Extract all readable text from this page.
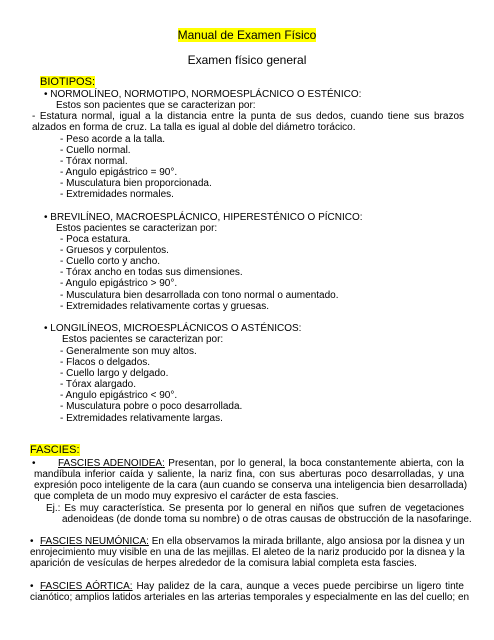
Manual de Examen Físico
Examen físico general
BIOTIPOS:
• NORMOLÍNEO, NORMOTIPO, NORMOESPLÁCNICO O ESTÉNICO:
Estos son pacientes que se caracterizan por:
- Estatura normal, igual a la distancia entre la punta de sus dedos, cuando tiene sus brazos
alzados en forma de cruz. La talla es igual al doble del diámetro torácico.
- Peso acorde a la talla.
- Cuello normal.
- Tórax normal.
- Angulo epigástrico = 90°.
- Musculatura bien proporcionada.
- Extremidades normales.
• BREVILÍNEO, MACROESPLÁCNICO, HIPERESTÉNICO O PÍCNICO:
Estos pacientes se caracterizan por:
- Poca estatura.
- Gruesos y corpulentos.
- Cuello corto y ancho.
- Tórax ancho en todas sus dimensiones.
- Angulo epigástrico > 90°.
- Musculatura bien desarrollada con tono normal o aumentado.
- Extremidades relativamente cortas y gruesas.
• LONGILÍNEOS, MICROESPLÁCNICOS O ASTÉNICOS:
Estos pacientes se caracterizan por:
- Generalmente son muy altos.
- Flacos o delgados.
- Cuello largo y delgado.
- Tórax alargado.
- Angulo epigástrico < 90°.
- Musculatura pobre o poco desarrollada.
- Extremidades relativamente largas.
FASCIES:
• FASCIES ADENOIDEA: Presentan, por lo general, la boca constantemente abierta, con la
mandíbula inferior caída y saliente, la nariz fina, con sus aberturas poco desarrolladas, y una
expresión poco inteligente de la cara (aun cuando se conserva una inteligencia bien desarrollada)
que completa de un modo muy expresivo el carácter de esta fascies.
Ej.: Es muy característica. Se presenta por lo general en niños que sufren de vegetaciones
adenoideas (de donde toma su nombre) o de otras causas de obstrucción de la nasofaringe.
• FASCIES NEUMÓNICA: En ella observamos la mirada brillante, algo ansiosa por la disnea y un
enrojecimiento muy visible en una de las mejillas. El aleteo de la nariz producido por la disnea y la
aparición de vesículas de herpes alrededor de la comisura labial completa esta fascies.
• FASCIES AÓRTICA: Hay palidez de la cara, aunque a veces puede percibirse un ligero tinte
cianótico; amplios latidos arteriales en las arterias temporales y especialmente en las del cuello; en
